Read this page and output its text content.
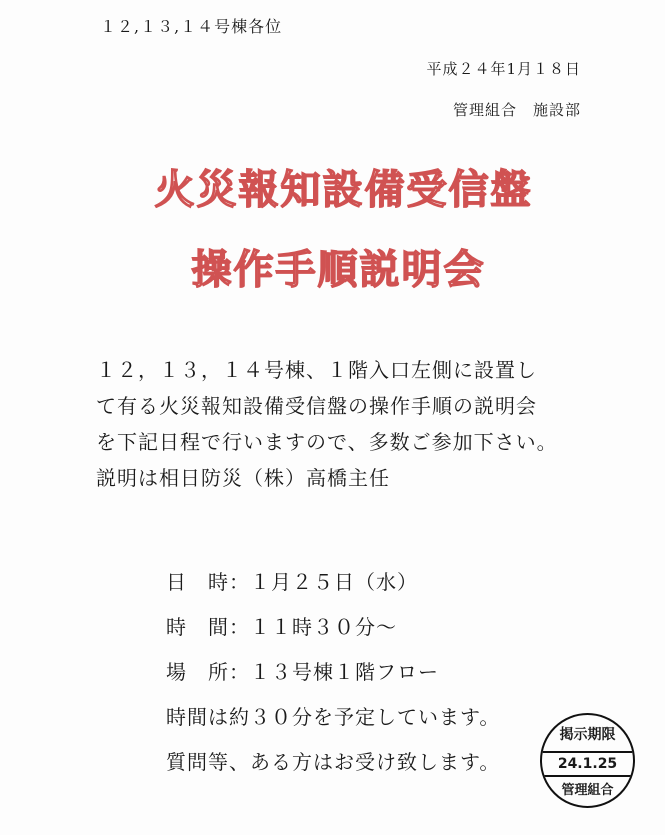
１２,１３,１４号棟各位
平成２４年1月１８日
管理組合　施設部
火災報知設備受信盤
操作手順説明会
１２，１３，１４号棟、１階入口左側に設置し
て有る火災報知設備受信盤の操作手順の説明会
を下記日程で行いますので、多数ご参加下さい。
説明は相日防災（株）高橋主任
日　時：１月２５日（水）
時　間：１１時３０分～
場　所：１３号棟１階フロー
時間は約３０分を予定しています。
質問等、ある方はお受け致します。
掲示期限
24.1.25
管理組合
